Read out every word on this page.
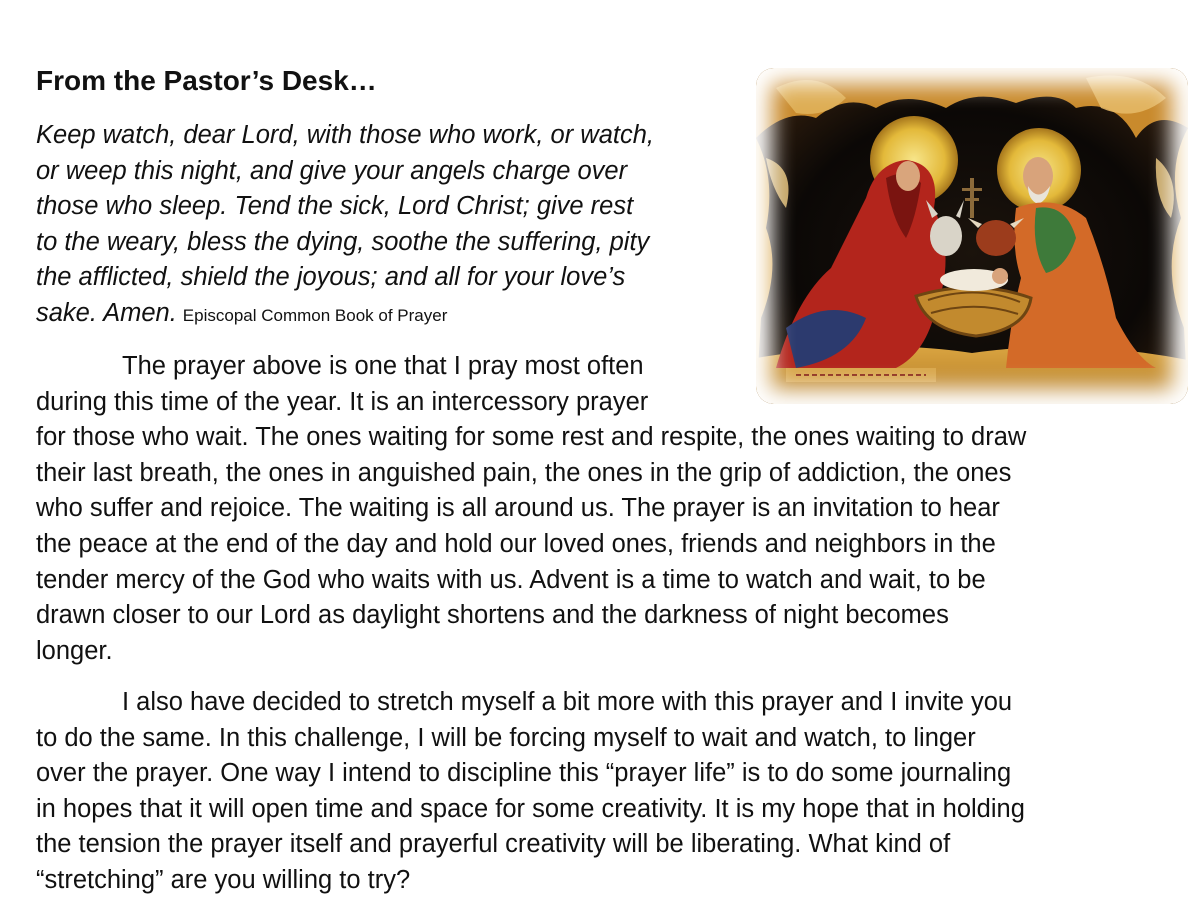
From the Pastor’s Desk…
Keep watch, dear Lord, with those who work, or watch,
or weep this night, and give your angels charge over
those who sleep. Tend the sick, Lord Christ; give rest
to the weary, bless the dying, soothe the suffering, pity
the afflicted, shield the joyous; and all for your love’s
sake. Amen. Episcopal Common Book of Prayer
The prayer above is one that I pray most often
during this time of the year. It is an intercessory prayer
for those who wait. The ones waiting for some rest and respite, the ones waiting to draw
their last breath, the ones in anguished pain, the ones in the grip of addiction, the ones
who suffer and rejoice. The waiting is all around us. The prayer is an invitation to hear
the peace at the end of the day and hold our loved ones, friends and neighbors in the
tender mercy of the God who waits with us. Advent is a time to watch and wait, to be
drawn closer to our Lord as daylight shortens and the darkness of night becomes
longer.
I also have decided to stretch myself a bit more with this prayer and I invite you
to do the same. In this challenge, I will be forcing myself to wait and watch, to linger
over the prayer. One way I intend to discipline this “prayer life” is to do some journaling
in hopes that it will open time and space for some creativity. It is my hope that in holding
the tension the prayer itself and prayerful creativity will be liberating. What kind of
“stretching” are you willing to try?
